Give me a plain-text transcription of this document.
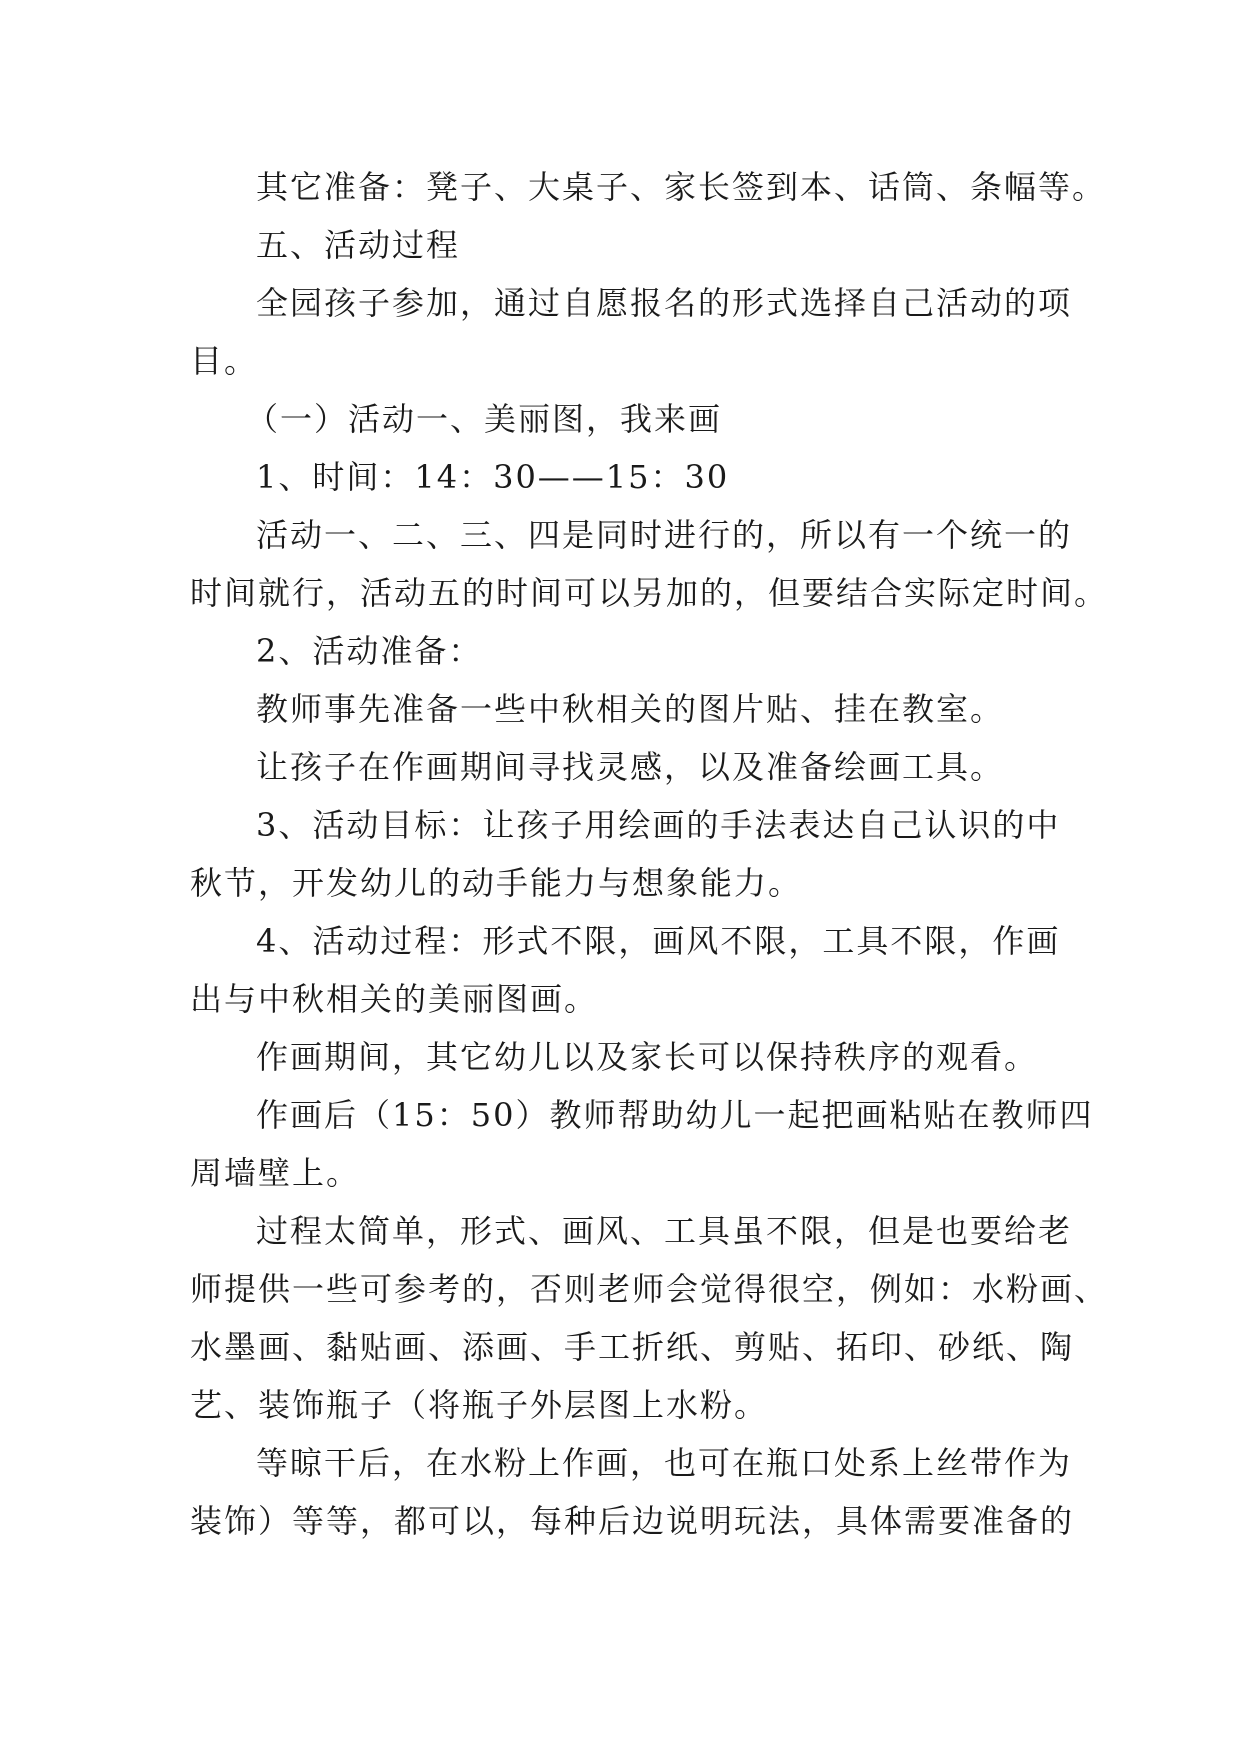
其它准备：凳子、大桌子、家长签到本、话筒、条幅等。
五、活动过程
全园孩子参加，通过自愿报名的形式选择自己活动的项
目。
（一）活动一、美丽图，我来画
1、时间：14：30——15：30
活动一、二、三、四是同时进行的，所以有一个统一的
时间就行，活动五的时间可以另加的，但要结合实际定时间。
2、活动准备：
教师事先准备一些中秋相关的图片贴、挂在教室。
让孩子在作画期间寻找灵感，以及准备绘画工具。
3、活动目标：让孩子用绘画的手法表达自己认识的中
秋节，开发幼儿的动手能力与想象能力。
4、活动过程：形式不限，画风不限，工具不限，作画
出与中秋相关的美丽图画。
作画期间，其它幼儿以及家长可以保持秩序的观看。
作画后（15：50）教师帮助幼儿一起把画粘贴在教师四
周墙壁上。
过程太简单，形式、画风、工具虽不限，但是也要给老
师提供一些可参考的，否则老师会觉得很空，例如：水粉画、
水墨画、黏贴画、添画、手工折纸、剪贴、拓印、砂纸、陶
艺、装饰瓶子（将瓶子外层图上水粉。
等晾干后，在水粉上作画，也可在瓶口处系上丝带作为
装饰）等等，都可以，每种后边说明玩法，具体需要准备的
